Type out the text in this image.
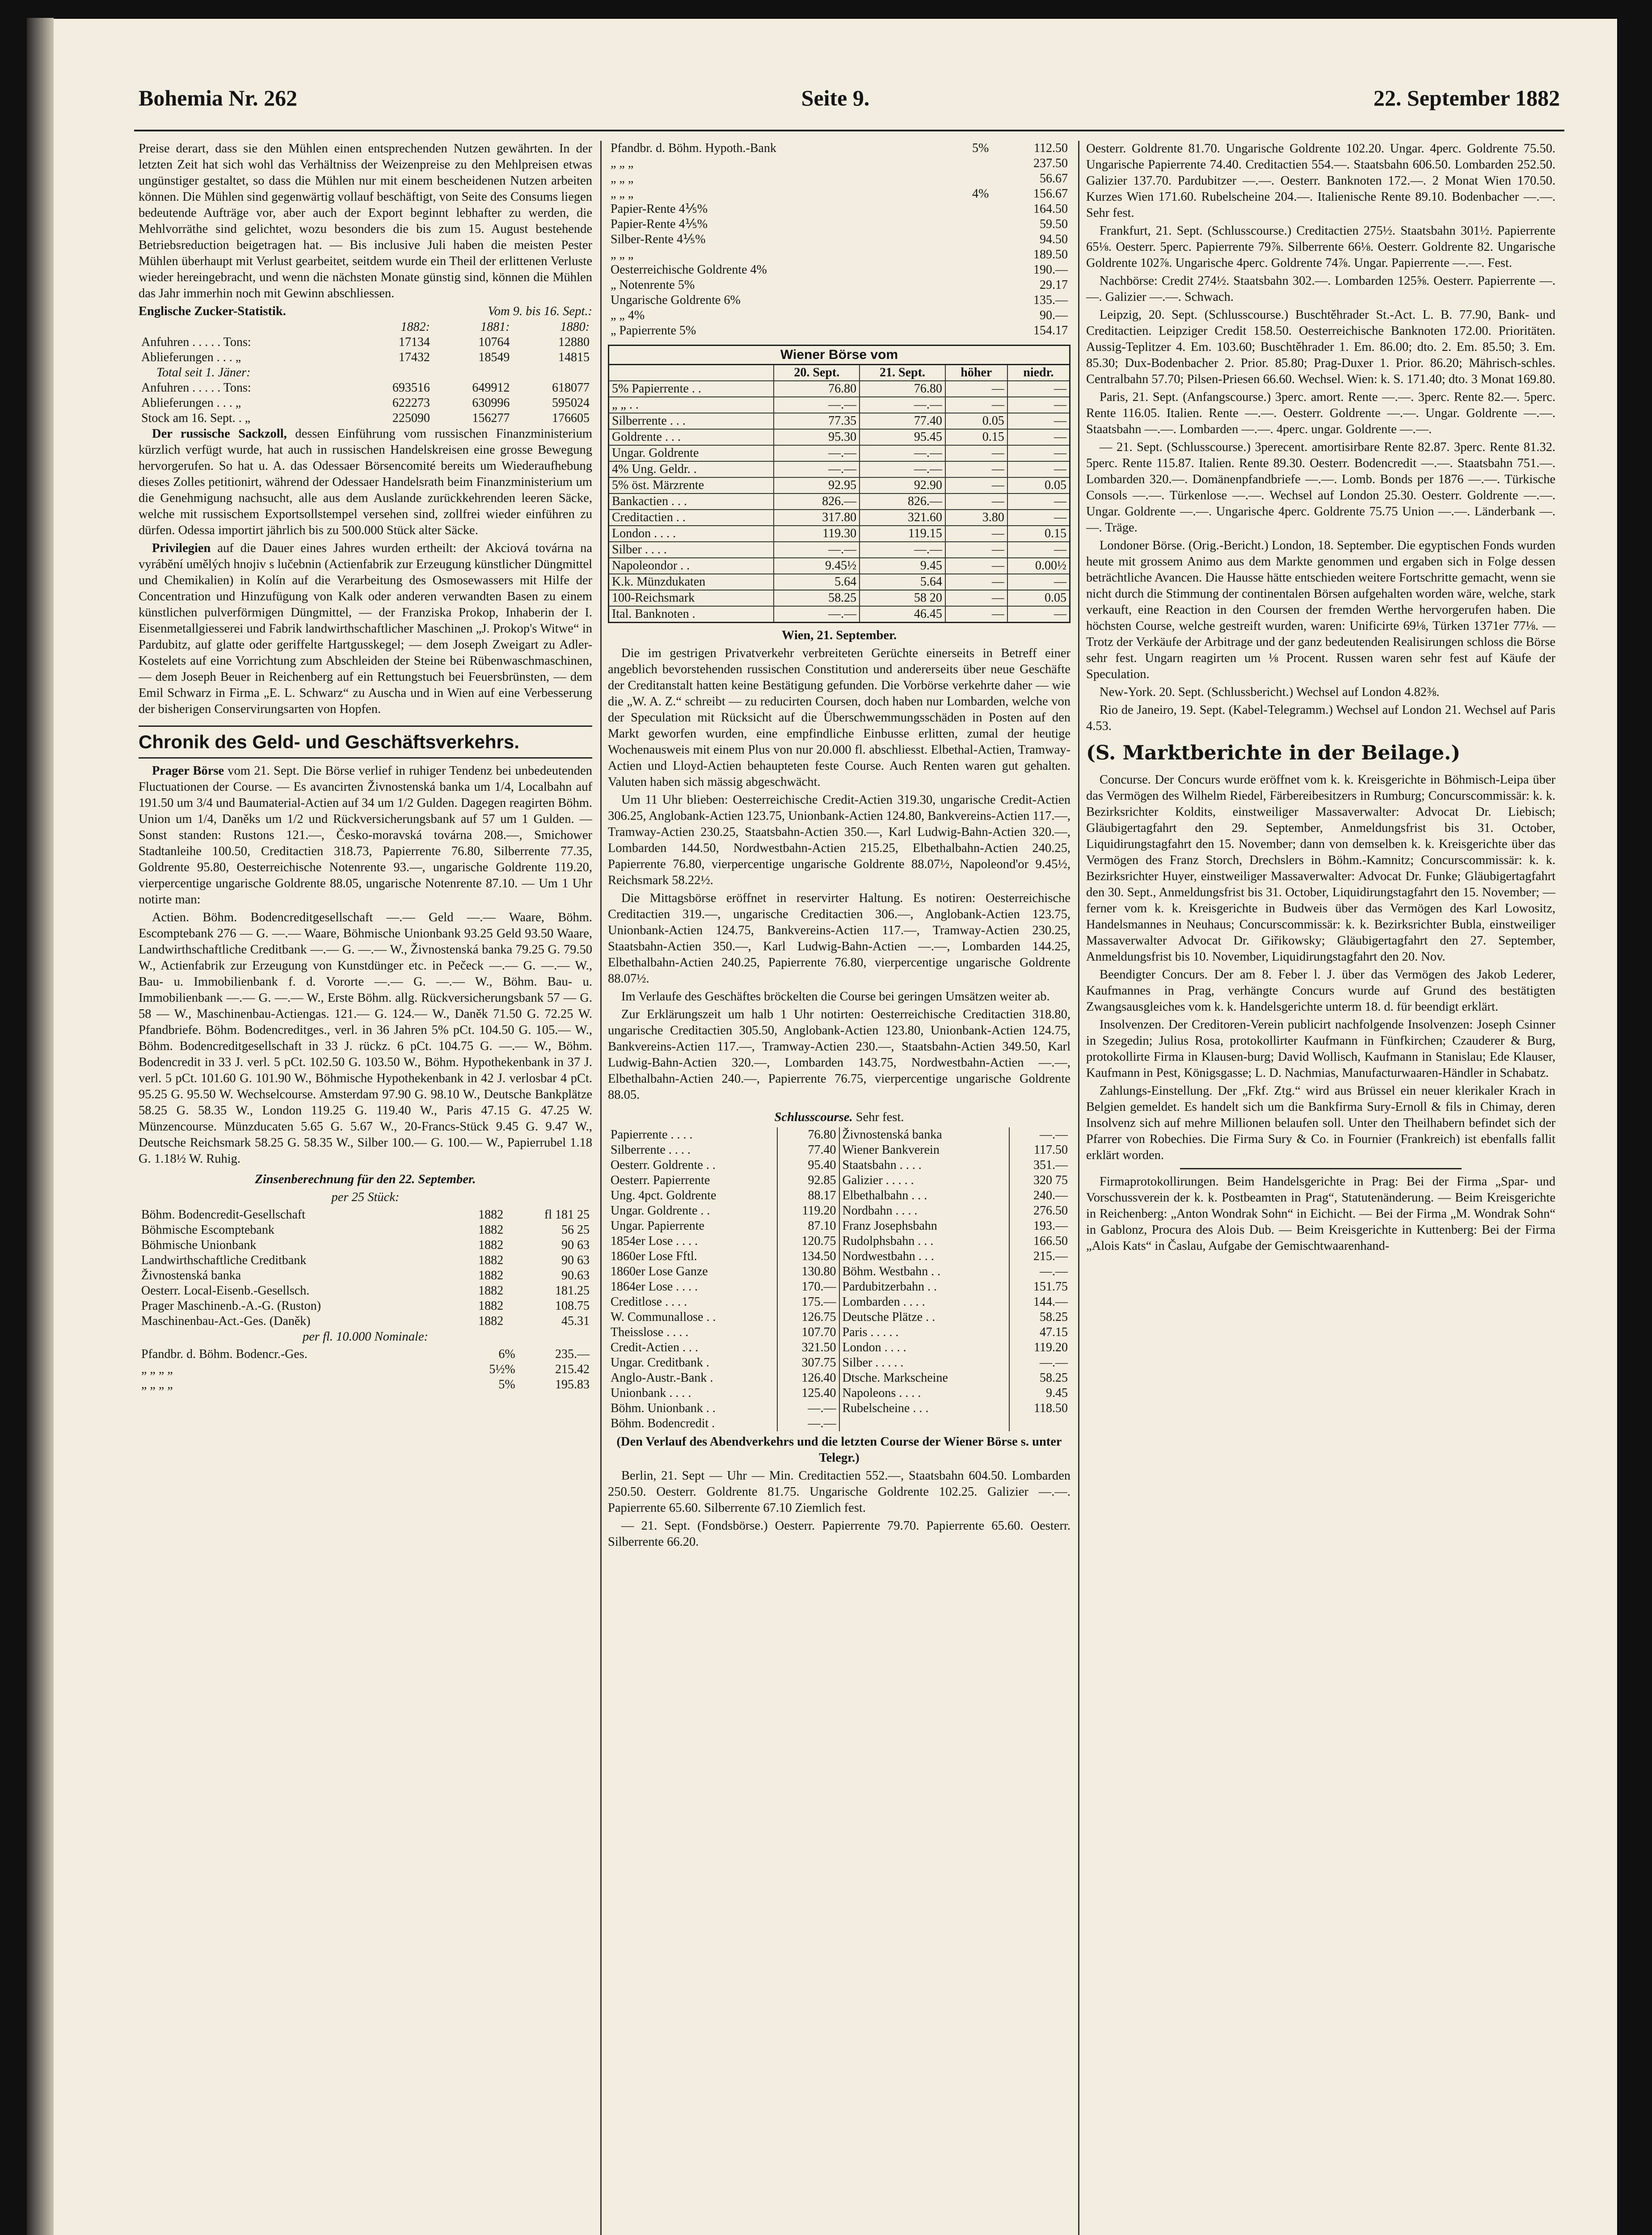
Bohemia Nr. 262	Seite 9.	22. September 1882

Preise derart, dass sie den Mühlen einen entsprechenden Nutzen gewährten. In der letzten Zeit hat sich wohl das Verhältniss der Weizenpreise zu den Mehlpreisen etwas ungünstiger gestaltet, so dass die Mühlen nur mit einem bescheidenen Nutzen arbeiten können. Die Mühlen sind gegenwärtig vollauf beschäftigt, von Seite des Consums liegen bedeutende Aufträge vor, aber auch der Export beginnt lebhafter zu werden, die Mehlvorräthe sind gelichtet, wozu besonders die bis zum 15. August bestehende Betriebsreduction beigetragen hat. — Bis inclusive Juli haben die meisten Pester Mühlen überhaupt mit Verlust gearbeitet, seitdem wurde ein Theil der erlittenen Verluste wieder hereingebracht, und wenn die nächsten Monate günstig sind, können die Mühlen das Jahr immerhin noch mit Gewinn abschliessen.

Englische Zucker-Statistik.	Vom 9. bis 16. Sept.:
	1882:	1881:	1880:
Anfuhren . . . . . Tons:	17134	10764	12880
Ablieferungen . . . „	17432	18549	14815
Total seit 1. Jäner:			
Anfuhren . . . . . Tons:	693516	649912	618077
Ablieferungen . . . „	622273	630996	595024
Stock am 16. Sept. . „	225090	156277	176605

Der russische Sackzoll, dessen Einführung vom russischen Finanzministerium kürzlich verfügt wurde, hat auch in russischen Handelskreisen eine grosse Bewegung hervorgerufen. So hat u. A. das Odessaer Börsencomité bereits um Wiederaufhebung dieses Zolles petitionirt, während der Odessaer Handelsrath beim Finanzministerium um die Genehmigung nachsucht, alle aus dem Auslande zurückkehrenden leeren Säcke, welche mit russischem Exportsollstempel versehen sind, zollfrei wieder einführen zu dürfen. Odessa importirt jährlich bis zu 500.000 Stück alter Säcke.

Privilegien auf die Dauer eines Jahres wurden ertheilt: der Akciová továrna na vyrábění umělých hnojiv s lučebnin (Actienfabrik zur Erzeugung künstlicher Düngmittel und Chemikalien) in Kolín auf die Verarbeitung des Osmosewassers mit Hilfe der Concentration und Hinzufügung von Kalk oder anderen verwandten Basen zu einem künstlichen pulverförmigen Düngmittel, — der Franziska Prokop, Inhaberin der I. Eisenmetallgiesserei und Fabrik landwirthschaftlicher Maschinen „J. Prokop's Witwe“ in Pardubitz, auf glatte oder geriffelte Hartgusskegel; — dem Joseph Zweigart zu Adler-Kostelets auf eine Vorrichtung zum Abschleiden der Steine bei Rübenwaschmaschinen, — dem Joseph Beuer in Reichenberg auf ein Rettungstuch bei Feuersbrünsten, — dem Emil Schwarz in Firma „E. L. Schwarz“ zu Auscha und in Wien auf eine Verbesserung der bisherigen Conservirungsarten von Hopfen.

Chronik des Geld- und Geschäftsverkehrs.

Prager Börse vom 21. Sept. Die Börse verlief in ruhiger Tendenz bei unbedeutenden Fluctuationen der Course. — Es avancirten Živnostenská banka um 1/4, Localbahn auf 191.50 um 3/4 und Baumaterial-Actien auf 34 um 1/2 Gulden. Dagegen reagirten Böhm. Union um 1/4, Daněks um 1/2 und Rückversicherungsbank auf 57 um 1 Gulden. — Sonst standen: Rustons 121.—, Česko-moravská továrna 208.—, Smichower Stadtanleihe 100.50, Creditactien 318.73, Papierrente 76.80, Silberrente 77.35, Goldrente 95.80, Oesterreichische Notenrente 93.—, ungarische Goldrente 119.20, vierpercentige ungarische Goldrente 88.05, ungarische Notenrente 87.10. — Um 1 Uhr notirte man:

Actien. Böhm. Bodencreditgesellschaft —.— Geld —.— Waare, Böhm. Escomptebank 276 — G. —.— Waare, Böhmische Unionbank 93.25 Geld 93.50 Waare, Landwirthschaftliche Creditbank —.— G. —.— W., Živnostenská banka 79.25 G. 79.50 W., Actienfabrik zur Erzeugung von Kunstdünger etc. in Pečeck —.— G. —.— W., Bau- u. Immobilienbank f. d. Vororte —.— G. —.— W., Böhm. Bau- u. Immobilienbank —.— G. —.— W., Erste Böhm. allg. Rückversicherungsbank 57 — G. 58 — W., Maschinenbau-Actiengas. 121.— G. 124.— W., Daněk 71.50 G. 72.25 W. Pfandbriefe. Böhm. Bodencreditges., verl. in 36 Jahren 5% pCt. 104.50 G. 105.— W., Böhm. Bodencreditgesellschaft in 33 J. rückz. 6 pCt. 104.75 G. —.— W., Böhm. Bodencredit in 33 J. verl. 5 pCt. 102.50 G. 103.50 W., Böhm. Hypothekenbank in 37 J. verl. 5 pCt. 101.60 G. 101.90 W., Böhmische Hypothekenbank in 42 J. verlosbar 4 pCt. 95.25 G. 95.50 W. Wechselcourse. Amsterdam 97.90 G. 98.10 W., Deutsche Bankplätze 58.25 G. 58.35 W., London 119.25 G. 119.40 W., Paris 47.15 G. 47.25 W. Münzencourse. Münzducaten 5.65 G. 5.67 W., 20-Francs-Stück 9.45 G. 9.47 W., Deutsche Reichsmark 58.25 G. 58.35 W., Silber 100.— G. 100.— W., Papierrubel 1.18 G. 1.18½ W. Ruhig.

Zinsenberechnung für den 22. September.
per 25 Stück:
Böhm. Bodencredit-Gesellschaft	1882	fl 181 25
Böhmische Escomptebank	1882	56 25
Böhmische Unionbank	1882	90 63
Landwirthschaftliche Creditbank	1882	90 63
Živnostenská banka	1882	90.63
Oesterr. Local-Eisenb.-Gesellsch.	1882	181.25
Prager Maschinenb.-A.-G. (Ruston)	1882	108.75
Maschinenbau-Act.-Ges. (Daněk)	1882	45.31
per fl. 10.000 Nominale:
Pfandbr. d. Böhm. Bodencr.-Ges.	6%	235.—
„ „ „ „	5½%	215.42
„ „ „ „	5%	195.83
Pfandbr. d. Böhm. Hypoth.-Bank	5%	112.50
„ „ „		237.50
„ „ „		56.67
„ „ „	4%	156.67
Papier-Rente 4⅕%		164.50
Papier-Rente 4⅕%		59.50
Silber-Rente 4⅕%		94.50
„ „ „		189.50
Oesterreichische Goldrente 4%		190.—
„ Notenrente 5%		29.17
Ungarische Goldrente 6%		135.—
„ „ 4%		90.—
„ Papierrente 5%		154.17
Wiener Börse vom
	20. Sept.	21. Sept.	höher	niedr.
5% Papierrente . .	76.80	76.80	—	—
„ „ . .	—.—	—.—	—	—
Silberrente . . .	77.35	77.40	0.05	—
Goldrente . . .	95.30	95.45	0.15	—
Ungar. Goldrente	—.—	—.—	—	—
4% Ung. Geldr. .	—.—	—.—	—	—
5% öst. Märzrente	92.95	92.90	—	0.05
Bankactien . . .	826.—	826.—	—	—
Creditactien . .	317.80	321.60	3.80	—
London . . . .	119.30	119.15	—	0.15
Silber . . . .	—.—	—.—	—	—
Napoleondor . .	9.45½	9.45	—	0.00½
K.k. Münzdukaten	5.64	5.64	—	—
100-Reichsmark	58.25	58 20	—	0.05
Ital. Banknoten .	—.—	46.45	—	—
Wien, 21. September.

Die im gestrigen Privatverkehr verbreiteten Gerüchte einerseits in Betreff einer angeblich bevorstehenden russischen Constitution und andererseits über neue Geschäfte der Creditanstalt hatten keine Bestätigung gefunden. Die Vorbörse verkehrte daher — wie die „W. A. Z.“ schreibt — zu reducirten Coursen, doch haben nur Lombarden, welche von der Speculation mit Rücksicht auf die Überschwemmungsschäden in Posten auf den Markt geworfen wurden, eine empfindliche Einbusse erlitten, zumal der heutige Wochenausweis mit einem Plus von nur 20.000 fl. abschliesst. Elbethal-Actien, Tramway-Actien und Lloyd-Actien behaupteten feste Course. Auch Renten waren gut gehalten. Valuten haben sich mässig abgeschwächt.

Um 11 Uhr blieben: Oesterreichische Credit-Actien 319.30, ungarische Credit-Actien 306.25, Anglobank-Actien 123.75, Unionbank-Actien 124.80, Bankvereins-Actien 117.—, Tramway-Actien 230.25, Staatsbahn-Actien 350.—, Karl Ludwig-Bahn-Actien 320.—, Lombarden 144.50, Nordwestbahn-Actien 215.25, Elbethalbahn-Actien 240.25, Papierrente 76.80, vierpercentige ungarische Goldrente 88.07½, Napoleond'or 9.45½, Reichsmark 58.22½.

Die Mittagsbörse eröffnet in reservirter Haltung. Es notiren: Oesterreichische Creditactien 319.—, ungarische Creditactien 306.—, Anglobank-Actien 123.75, Unionbank-Actien 124.75, Bankvereins-Actien 117.—, Tramway-Actien 230.25, Staatsbahn-Actien 350.—, Karl Ludwig-Bahn-Actien —.—, Lombarden 144.25, Elbethalbahn-Actien 240.25, Papierrente 76.80, vierpercentige ungarische Goldrente 88.07½.

Im Verlaufe des Geschäftes bröckelten die Course bei geringen Umsätzen weiter ab.

Zur Erklärungszeit um halb 1 Uhr notirten: Oesterreichische Creditactien 318.80, ungarische Creditactien 305.50, Anglobank-Actien 123.80, Unionbank-Actien 124.75, Bankvereins-Actien 117.—, Tramway-Actien 230.—, Staatsbahn-Actien 349.50, Karl Ludwig-Bahn-Actien 320.—, Lombarden 143.75, Nordwestbahn-Actien —.—, Elbethalbahn-Actien 240.—, Papierrente 76.75, vierpercentige ungarische Goldrente 88.05.

Schlusscourse. Sehr fest.
Papierrente . . . .	76.80	Živnostenská banka	—.—
Silberrente . . . .	77.40	Wiener Bankverein	117.50
Oesterr. Goldrente . .	95.40	Staatsbahn . . . .	351.—
Oesterr. Papierrente	92.85	Galizier . . . . .	320 75
Ung. 4pct. Goldrente	88.17	Elbethalbahn . . .	240.—
Ungar. Goldrente . .	119.20	Nordbahn . . . .	276.50
Ungar. Papierrente	87.10	Franz Josephsbahn	193.—
1854er Lose . . . .	120.75	Rudolphsbahn . . .	166.50
1860er Lose Fftl.	134.50	Nordwestbahn . . .	215.—
1860er Lose Ganze	130.80	Böhm. Westbahn . .	—.—
1864er Lose . . . .	170.—	Pardubitzerbahn . .	151.75
Creditlose . . . .	175.—	Lombarden . . . .	144.—
W. Communallose . .	126.75	Deutsche Plätze . .	58.25
Theisslose . . . .	107.70	Paris . . . . .	47.15
Credit-Actien . . .	321.50	London . . . .	119.20
Ungar. Creditbank .	307.75	Silber . . . . .	—.—
Anglo-Austr.-Bank .	126.40	Dtsche. Markscheine	58.25
Unionbank . . . .	125.40	Napoleons . . . .	9.45
Böhm. Unionbank . .	—.—	Rubelscheine . . .	118.50
Böhm. Bodencredit .	—.—		

(Den Verlauf des Abendverkehrs und die letzten Course der Wiener Börse s. unter Telegr.)

Berlin, 21. Sept — Uhr — Min. Creditactien 552.—, Staatsbahn 604.50. Lombarden 250.50. Oesterr. Goldrente 81.75. Ungarische Goldrente 102.25. Galizier —.—. Papierrente 65.60. Silberrente 67.10 Ziemlich fest.

— 21. Sept. (Fondsbörse.) Oesterr. Papierrente 79.70. Papierrente 65.60. Oesterr. Silberrente 66.20.

Oesterr. Goldrente 81.70. Ungarische Goldrente 102.20. Ungar. 4perc. Goldrente 75.50. Ungarische Papierrente 74.40. Creditactien 554.—. Staatsbahn 606.50. Lombarden 252.50. Galizier 137.70. Pardubitzer —.—. Oesterr. Banknoten 172.—. 2 Monat Wien 170.50. Kurzes Wien 171.60. Rubelscheine 204.—. Italienische Rente 89.10. Bodenbacher —.—. Sehr fest.

Frankfurt, 21. Sept. (Schlusscourse.) Creditactien 275½. Staatsbahn 301½. Papierrente 65⅛. Oesterr. 5perc. Papierrente 79⅞. Silberrente 66⅛. Oesterr. Goldrente 82. Ungarische Goldrente 102⅞. Ungarische 4perc. Goldrente 74⅞. Ungar. Papierrente —.—. Fest.

Nachbörse: Credit 274½. Staatsbahn 302.—. Lombarden 125⅝. Oesterr. Papierrente —.—. Galizier —.—. Schwach.

Leipzig, 20. Sept. (Schlusscourse.) Buschtěhrader St.-Act. L. B. 77.90, Bank- und Creditactien. Leipziger Credit 158.50. Oesterreichische Banknoten 172.00. Prioritäten. Aussig-Teplitzer 4. Em. 103.60; Buschtěhrader 1. Em. 86.00; dto. 2. Em. 85.50; 3. Em. 85.30; Dux-Bodenbacher 2. Prior. 85.80; Prag-Duxer 1. Prior. 86.20; Mährisch-schles. Centralbahn 57.70; Pilsen-Priesen 66.60. Wechsel. Wien: k. S. 171.40; dto. 3 Monat 169.80.

Paris, 21. Sept. (Anfangscourse.) 3perc. amort. Rente —.—. 3perc. Rente 82.—. 5perc. Rente 116.05. Italien. Rente —.—. Oesterr. Goldrente —.—. Ungar. Goldrente —.—. Staatsbahn —.—. Lombarden —.—. 4perc. ungar. Goldrente —.—.

— 21. Sept. (Schlusscourse.) 3perecent. amortisirbare Rente 82.87. 3perc. Rente 81.32. 5perc. Rente 115.87. Italien. Rente 89.30. Oesterr. Bodencredit —.—. Staatsbahn 751.—. Lombarden 320.—. Domänenpfandbriefe —.—. Lomb. Bonds per 1876 —.—. Türkische Consols —.—. Türkenlose —.—. Wechsel auf London 25.30. Oesterr. Goldrente —.—. Ungar. Goldrente —.—. Ungarische 4perc. Goldrente 75.75 Union —.—. Länderbank —.—. Träge.

Londoner Börse. (Orig.-Bericht.) London, 18. September. Die egyptischen Fonds wurden heute mit grossem Animo aus dem Markte genommen und ergaben sich in Folge dessen beträchtliche Avancen. Die Hausse hätte entschieden weitere Fortschritte gemacht, wenn sie nicht durch die Stimmung der continentalen Börsen aufgehalten worden wäre, welche, stark verkauft, eine Reaction in den Coursen der fremden Werthe hervorgerufen haben. Die höchsten Course, welche gestreift wurden, waren: Unificirte 69⅛, Türken 1371er 77⅛. — Trotz der Verkäufe der Arbitrage und der ganz bedeutenden Realisirungen schloss die Börse sehr fest. Ungarn reagirten um ⅛ Procent. Russen waren sehr fest auf Käufe der Speculation.

New-York. 20. Sept. (Schlussbericht.) Wechsel auf London 4.82⅜.

Rio de Janeiro, 19. Sept. (Kabel-Telegramm.) Wechsel auf London 21. Wechsel auf Paris 4.53.

(S. Marktberichte in der Beilage.)

Concurse. Der Concurs wurde eröffnet vom k. k. Kreisgerichte in Böhmisch-Leipa über das Vermögen des Wilhelm Riedel, Färbereibesitzers in Rumburg; Concurscommissär: k. k. Bezirksrichter Koldits, einstweiliger Massaverwalter: Advocat Dr. Liebisch; Gläubigertagfahrt den 29. September, Anmeldungsfrist bis 31. October, Liquidirungstagfahrt den 15. November; dann von demselben k. k. Kreisgerichte über das Vermögen des Franz Storch, Drechslers in Böhm.-Kamnitz; Concurscommissär: k. k. Bezirksrichter Huyer, einstweiliger Massaverwalter: Advocat Dr. Funke; Gläubigertagfahrt den 30. Sept., Anmeldungsfrist bis 31. October, Liquidirungstagfahrt den 15. November; — ferner vom k. k. Kreisgerichte in Budweis über das Vermögen des Karl Lowositz, Handelsmannes in Neuhaus; Concurscommissär: k. k. Bezirksrichter Bubla, einstweiliger Massaverwalter Advocat Dr. Giřikowsky; Gläubigertagfahrt den 27. September, Anmeldungsfrist bis 10. November, Liquidirungstagfahrt den 20. Nov.

Beendigter Concurs. Der am 8. Feber l. J. über das Vermögen des Jakob Lederer, Kaufmannes in Prag, verhängte Concurs wurde auf Grund des bestätigten Zwangsausgleiches vom k. k. Handelsgerichte unterm 18. d. für beendigt erklärt.

Insolvenzen. Der Creditoren-Verein publicirt nachfolgende Insolvenzen: Joseph Csinner in Szegedin; Julius Rosa, protokollirter Kaufmann in Fünfkirchen; Czauderer & Burg, protokollirte Firma in Klausen-burg; David Wollisch, Kaufmann in Stanislau; Ede Klauser, Kaufmann in Pest, Königsgasse; L. D. Nachmias, Manufacturwaaren-Händler in Schabatz.

Zahlungs-Einstellung. Der „Fkf. Ztg.“ wird aus Brüssel ein neuer klerikaler Krach in Belgien gemeldet. Es handelt sich um die Bankfirma Sury-Ernoll & fils in Chimay, deren Insolvenz sich auf mehre Millionen belaufen soll. Unter den Theilhabern befindet sich der Pfarrer von Robechies. Die Firma Sury & Co. in Fournier (Frankreich) ist ebenfalls fallit erklärt worden.

Firmaprotokollirungen. Beim Handelsgerichte in Prag: Bei der Firma „Spar- und Vorschussverein der k. k. Postbeamten in Prag“, Statutenänderung. — Beim Kreisgerichte in Reichenberg: „Anton Wondrak Sohn“ in Eichicht. — Bei der Firma „M. Wondrak Sohn“ in Gablonz, Procura des Alois Dub. — Beim Kreisgerichte in Kuttenberg: Bei der Firma „Alois Kats“ in Časlau, Aufgabe der Gemischtwaarenhand-
